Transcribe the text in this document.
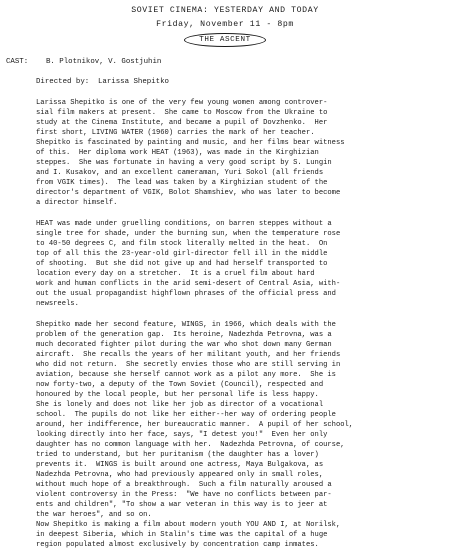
SOVIET CINEMA: YESTERDAY AND TODAY
Friday, November 11 - 8pm
THE ASCENT
CAST: B. Plotnikov, V. Gostjuhin
Directed by: Larissa Shepitko
Larissa Shepitko is one of the very few young women among controver-
sial film makers at present.  She came to Moscow from the Ukraine to
study at the Cinema Institute, and became a pupil of Dovzhenko.  Her
first short, LIVING WATER (1960) carries the mark of her teacher.
Shepitko is fascinated by painting and music, and her films bear witness
of this.  Her diploma work HEAT (1963), was made in the Kirghizian
steppes.  She was fortunate in having a very good script by S. Lungin
and I. Kusakov, and an excellent cameraman, Yuri Sokol (all friends
from VGIK times).  The lead was taken by a Kirghizian student of the
director's department of VGIK, Bolot Shamshiev, who was later to become
a director himself.
HEAT was made under gruelling conditions, on barren steppes without a
single tree for shade, under the burning sun, when the temperature rose
to 40-50 degrees C, and film stock literally melted in the heat.  On
top of all this the 23-year-old girl-director fell ill in the middle
of shooting.  But she did not give up and had herself transported to
location every day on a stretcher.  It is a cruel film about hard
work and human conflicts in the arid semi-desert of Central Asia, with-
out the usual propagandist highflown phrases of the official press and
newsreels.
Shepitko made her second feature, WINGS, in 1966, which deals with the
problem of the generation gap.  Its heroine, Nadezhda Petrovna, was a
much decorated fighter pilot during the war who shot down many German
aircraft.  She recalls the years of her militant youth, and her friends
who did not return.  She secretly envies those who are still serving in
aviation, because she herself cannot work as a pilot any more.  She is
now forty-two, a deputy of the Town Soviet (Council), respected and
honoured by the local people, but her personal life is less happy.
She is lonely and does not like her job as director of a vocational
school.  The pupils do not like her either--her way of ordering people
around, her indifference, her bureaucratic manner.  A pupil of her school,
looking directly into her face, says, "I detest you!"  Even her only
daughter has no common language with her.  Nadezhda Petrovna, of course,
tried to understand, but her puritanism (the daughter has a lover)
prevents it.  WINGS is built around one actress, Maya Bulgakova, as
Nadezhda Petrovna, who had previously appeared only in small roles,
without much hope of a breakthrough.  Such a film naturally aroused a
violent controversy in the Press:  "We have no conflicts between par-
ents and children", "To show a war veteran in this way is to jeer at
the war heroes", and so on.
Now Shepitko is making a film about modern youth YOU AND I, at Norilsk,
in deepest Siberia, which in Stalin's time was the capital of a huge
region populated almost exclusively by concentration camp inmates.
